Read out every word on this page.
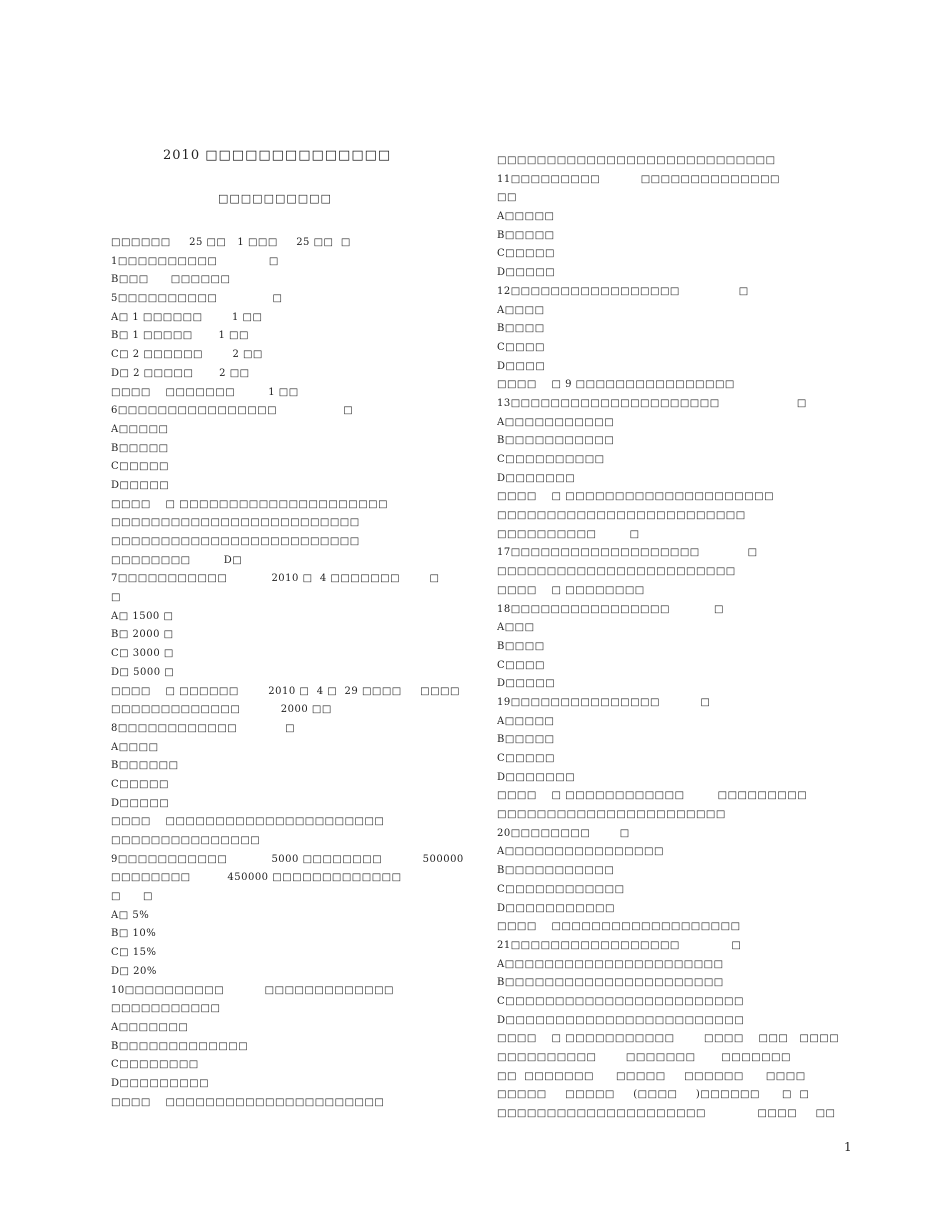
2010 □□□□□□□□□□□□□□
□□□□□□□□□□
□□□□□□     25 □□   1 □□□     25 □□  □
1□□□□□□□□□□              □
B□□□      □□□□□□
5□□□□□□□□□□               □
A□ 1 □□□□□□        1 □□
B□ 1 □□□□□       1 □□
C□ 2 □□□□□□        2 □□
D□ 2 □□□□□       2 □□
□□□□    □□□□□□□         1 □□
6□□□□□□□□□□□□□□□□                  □
A□□□□□
B□□□□□
C□□□□□
D□□□□□
□□□□    □ □□□□□□□□□□□□□□□□□□□□□
□□□□□□□□□□□□□□□□□□□□□□□□□
□□□□□□□□□□□□□□□□□□□□□□□□□
□□□□□□□□         D□
7□□□□□□□□□□□            2010 □  4 □□□□□□□        □
□
A□ 1500 □
B□ 2000 □
C□ 3000 □
D□ 5000 □
□□□□    □ □□□□□□        2010 □  4 □  29 □□□□     □□□□
□□□□□□□□□□□□□           2000 □□
8□□□□□□□□□□□□             □
A□□□□
B□□□□□□
C□□□□□
D□□□□□
□□□□    □□□□□□□□□□□□□□□□□□□□□□
□□□□□□□□□□□□□□□
9□□□□□□□□□□□            5000 □□□□□□□□           500000
□□□□□□□□          450000 □□□□□□□□□□□□□
□      □
A□ 5%
B□ 10%
C□ 15%
D□ 20%
10□□□□□□□□□□           □□□□□□□□□□□□□
□□□□□□□□□□□
A□□□□□□□
B□□□□□□□□□□□□□
C□□□□□□□□
D□□□□□□□□□
□□□□    □□□□□□□□□□□□□□□□□□□□□□
□□□□□□□□□□□□□□□□□□□□□□□□□□□□
11□□□□□□□□□           □□□□□□□□□□□□□□
□□
A□□□□□
B□□□□□
C□□□□□
D□□□□□
12□□□□□□□□□□□□□□□□□                □
A□□□□
B□□□□
C□□□□
D□□□□
□□□□    □ 9 □□□□□□□□□□□□□□□□
13□□□□□□□□□□□□□□□□□□□□□                     □
A□□□□□□□□□□□
B□□□□□□□□□□□
C□□□□□□□□□□
D□□□□□□□
□□□□    □ □□□□□□□□□□□□□□□□□□□□□
□□□□□□□□□□□□□□□□□□□□□□□□□
□□□□□□□□□□         □
17□□□□□□□□□□□□□□□□□□□             □
□□□□□□□□□□□□□□□□□□□□□□□□
□□□□    □ □□□□□□□□
18□□□□□□□□□□□□□□□□            □
A□□□
B□□□□
C□□□□
D□□□□□
19□□□□□□□□□□□□□□□           □
A□□□□□
B□□□□□
C□□□□□
D□□□□□□□
□□□□    □ □□□□□□□□□□□□         □□□□□□□□□
□□□□□□□□□□□□□□□□□□□□□□□
20□□□□□□□□        □
A□□□□□□□□□□□□□□□□
B□□□□□□□□□□□
C□□□□□□□□□□□□
D□□□□□□□□□□□
□□□□    □□□□□□□□□□□□□□□□□□□
21□□□□□□□□□□□□□□□□□              □
A□□□□□□□□□□□□□□□□□□□□□□
B□□□□□□□□□□□□□□□□□□□□□□
C□□□□□□□□□□□□□□□□□□□□□□□□
D□□□□□□□□□□□□□□□□□□□□□□□□
□□□□    □ □□□□□□□□□□□        □□□□    □□□   □□□□
□□□□□□□□□□        □□□□□□□       □□□□□□□
□□  □□□□□□□      □□□□□     □□□□□□      □□□□
□□□□□     □□□□□     (□□□□     )□□□□□□      □  □
□□□□□□□□□□□□□□□□□□□□□              □□□□     □□
1
